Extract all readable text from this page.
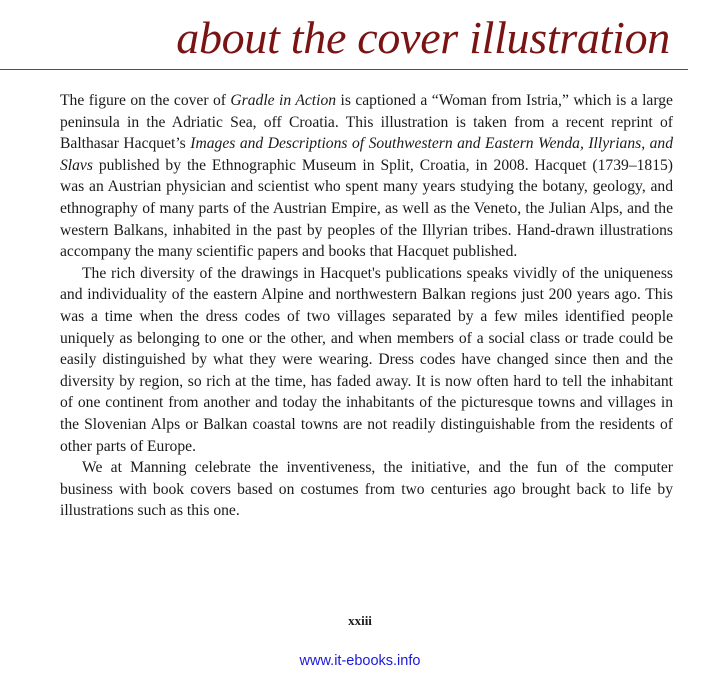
about the cover illustration

The figure on the cover of Gradle in Action is captioned a “Woman from Istria,” which is a large peninsula in the Adriatic Sea, off Croatia. This illustration is taken from a recent reprint of Balthasar Hacquet’s Images and Descriptions of Southwestern and Eastern Wenda, Illyrians, and Slavs published by the Ethnographic Museum in Split, Croatia, in 2008. Hacquet (1739–1815) was an Austrian physician and scientist who spent many years studying the botany, geology, and ethnography of many parts of the Austrian Empire, as well as the Veneto, the Julian Alps, and the western Balkans, inhabited in the past by peoples of the Illyrian tribes. Hand-drawn illustrations accompany the many scientific papers and books that Hacquet published.

The rich diversity of the drawings in Hacquet's publications speaks vividly of the uniqueness and individuality of the eastern Alpine and northwestern Balkan regions just 200 years ago. This was a time when the dress codes of two villages separated by a few miles identified people uniquely as belonging to one or the other, and when members of a social class or trade could be easily distinguished by what they were wearing. Dress codes have changed since then and the diversity by region, so rich at the time, has faded away. It is now often hard to tell the inhabitant of one continent from another and today the inhabitants of the picturesque towns and villages in the Slovenian Alps or Balkan coastal towns are not readily distinguishable from the residents of other parts of Europe.

We at Manning celebrate the inventiveness, the initiative, and the fun of the computer business with book covers based on costumes from two centuries ago brought back to life by illustrations such as this one.

xxiii
www.it-ebooks.info
